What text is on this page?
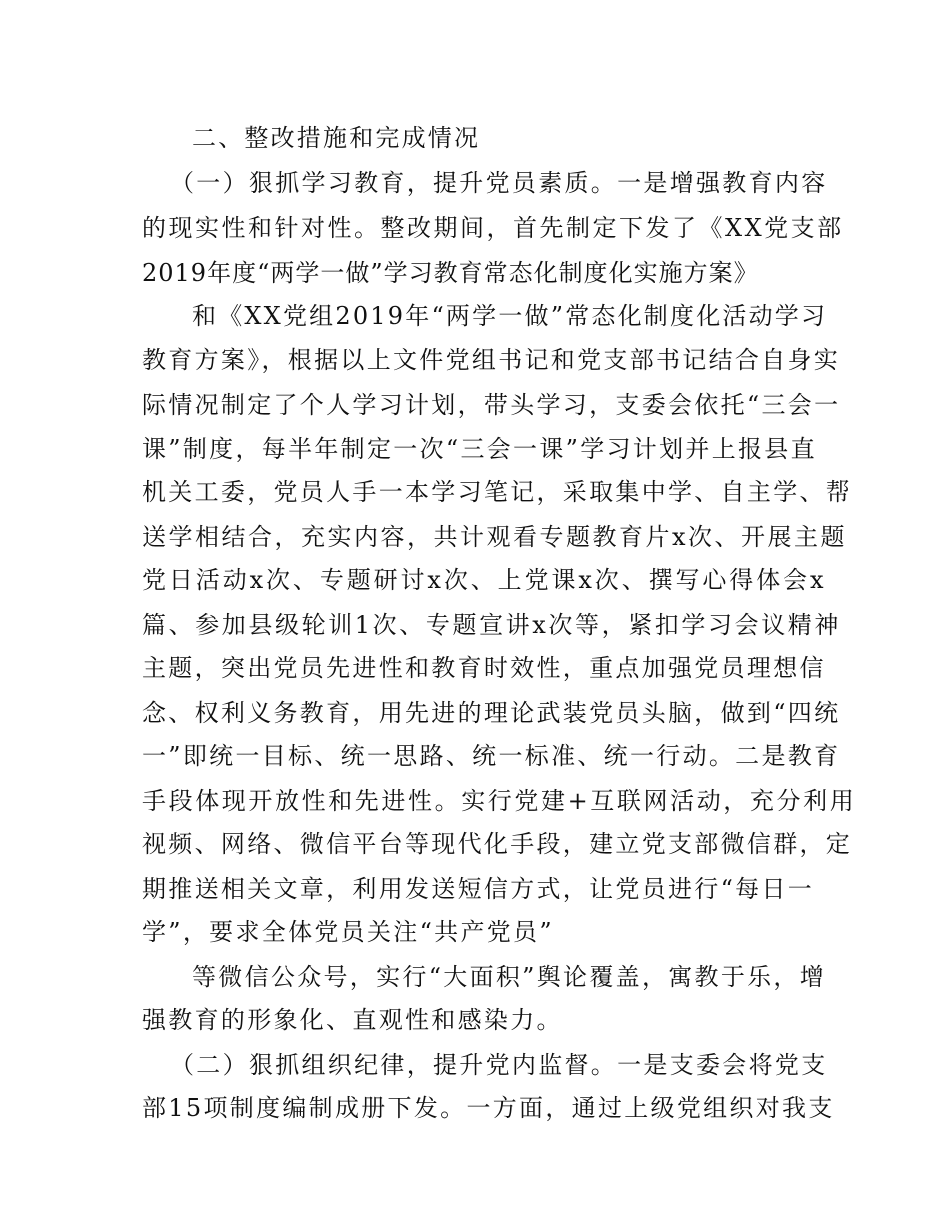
二、整改措施和完成情况
（一）狠抓学习教育，提升党员素质。一是增强教育内容
的现实性和针对性。整改期间，首先制定下发了《XX党支部
2019年度“两学一做”学习教育常态化制度化实施方案》
和《XX党组2019年“两学一做”常态化制度化活动学习
教育方案》，根据以上文件党组书记和党支部书记结合自身实
际情况制定了个人学习计划，带头学习，支委会依托“三会一
课”制度，每半年制定一次“三会一课”学习计划并上报县直
机关工委，党员人手一本学习笔记，采取集中学、自主学、帮
送学相结合，充实内容，共计观看专题教育片x次、开展主题
党日活动x次、专题研讨x次、上党课x次、撰写心得体会x
篇、参加县级轮训1次、专题宣讲x次等，紧扣学习会议精神
主题，突出党员先进性和教育时效性，重点加强党员理想信
念、权利义务教育，用先进的理论武装党员头脑，做到“四统
一”即统一目标、统一思路、统一标准、统一行动。二是教育
手段体现开放性和先进性。实行党建+互联网活动，充分利用
视频、网络、微信平台等现代化手段，建立党支部微信群，定
期推送相关文章，利用发送短信方式，让党员进行“每日一
学”，要求全体党员关注“共产党员”
等微信公众号，实行“大面积”舆论覆盖，寓教于乐，增
强教育的形象化、直观性和感染力。
（二）狠抓组织纪律，提升党内监督。一是支委会将党支
部15项制度编制成册下发。一方面，通过上级党组织对我支
